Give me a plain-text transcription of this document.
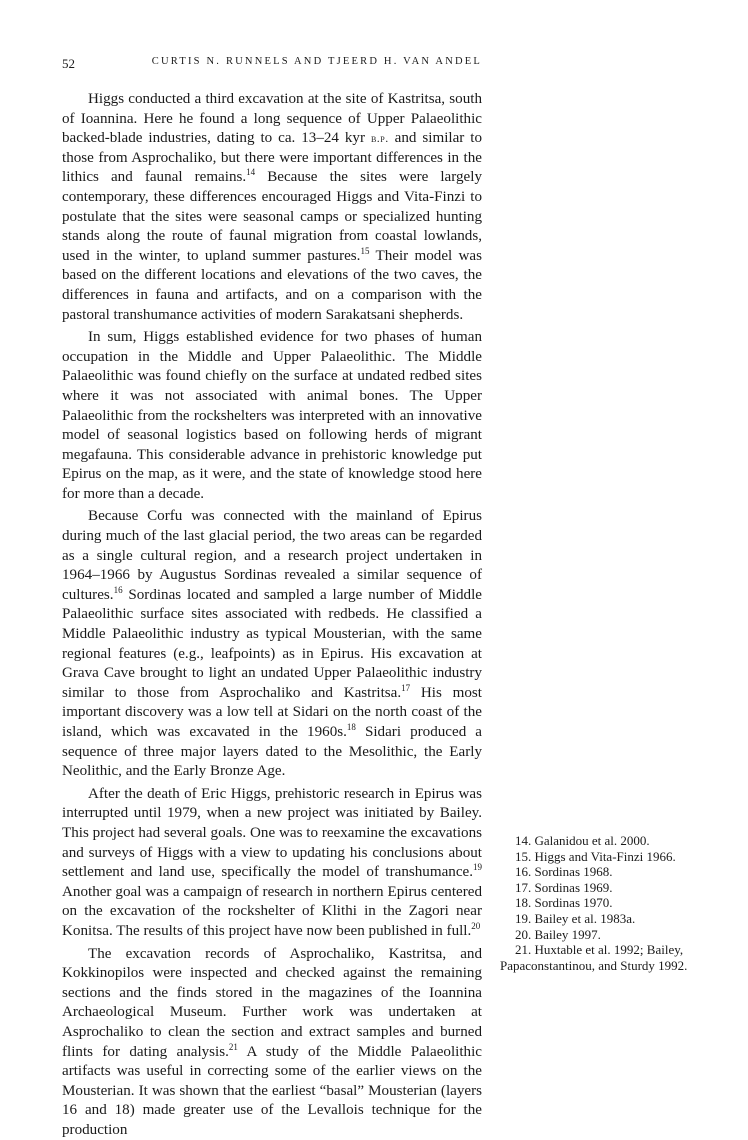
52	CURTIS N. RUNNELS AND TJEERD H. VAN ANDEL

Higgs conducted a third excavation at the site of Kastritsa, south of Ioannina. Here he found a long sequence of Upper Palaeolithic backed-blade industries, dating to ca. 13–24 kyr b.p. and similar to those from Asprochaliko, but there were important differences in the lithics and faunal remains.$^{14}$ Because the sites were largely contemporary, these differences encouraged Higgs and Vita-Finzi to postulate that the sites were seasonal camps or specialized hunting stands along the route of faunal migration from coastal lowlands, used in the winter, to upland summer pastures.$^{15}$ Their model was based on the different locations and elevations of the two caves, the differences in fauna and artifacts, and on a comparison with the pastoral transhumance activities of modern Sarakatsani shepherds.

In sum, Higgs established evidence for two phases of human occupation in the Middle and Upper Palaeolithic. The Middle Palaeolithic was found chiefly on the surface at undated redbed sites where it was not associated with animal bones. The Upper Palaeolithic from the rockshelters was interpreted with an innovative model of seasonal logistics based on following herds of migrant megafauna. This considerable advance in prehistoric knowledge put Epirus on the map, as it were, and the state of knowledge stood here for more than a decade.

Because Corfu was connected with the mainland of Epirus during much of the last glacial period, the two areas can be regarded as a single cultural region, and a research project undertaken in 1964–1966 by Augustus Sordinas revealed a similar sequence of cultures.$^{16}$ Sordinas located and sampled a large number of Middle Palaeolithic surface sites associated with redbeds. He classified a Middle Palaeolithic industry as typical Mousterian, with the same regional features (e.g., leafpoints) as in Epirus. His excavation at Grava Cave brought to light an undated Upper Palaeolithic industry similar to those from Asprochaliko and Kastritsa.$^{17}$ His most important discovery was a low tell at Sidari on the north coast of the island, which was excavated in the 1960s.$^{18}$ Sidari produced a sequence of three major layers dated to the Mesolithic, the Early Neolithic, and the Early Bronze Age.

After the death of Eric Higgs, prehistoric research in Epirus was interrupted until 1979, when a new project was initiated by Bailey. This project had several goals. One was to reexamine the excavations and surveys of Higgs with a view to updating his conclusions about settlement and land use, specifically the model of transhumance.$^{19}$ Another goal was a campaign of research in northern Epirus centered on the excavation of the rockshelter of Klithi in the Zagori near Konitsa. The results of this project have now been published in full.$^{20}$

The excavation records of Asprochaliko, Kastritsa, and Kokkinopilos were inspected and checked against the remaining sections and the finds stored in the magazines of the Ioannina Archaeological Museum. Further work was undertaken at Asprochaliko to clean the section and extract samples and burned flints for dating analysis.$^{21}$ A study of the Middle Palaeolithic artifacts was useful in correcting some of the earlier views on the Mousterian. It was shown that the earliest “basal” Mousterian (layers 16 and 18) made greater use of the Levallois technique for the production

14. Galanidou et al. 2000.

15. Higgs and Vita-Finzi 1966.

16. Sordinas 1968.

17. Sordinas 1969.

18. Sordinas 1970.

19. Bailey et al. 1983a.

20. Bailey 1997.

21. Huxtable et al. 1992; Bailey,

Papaconstantinou, and Sturdy 1992.
